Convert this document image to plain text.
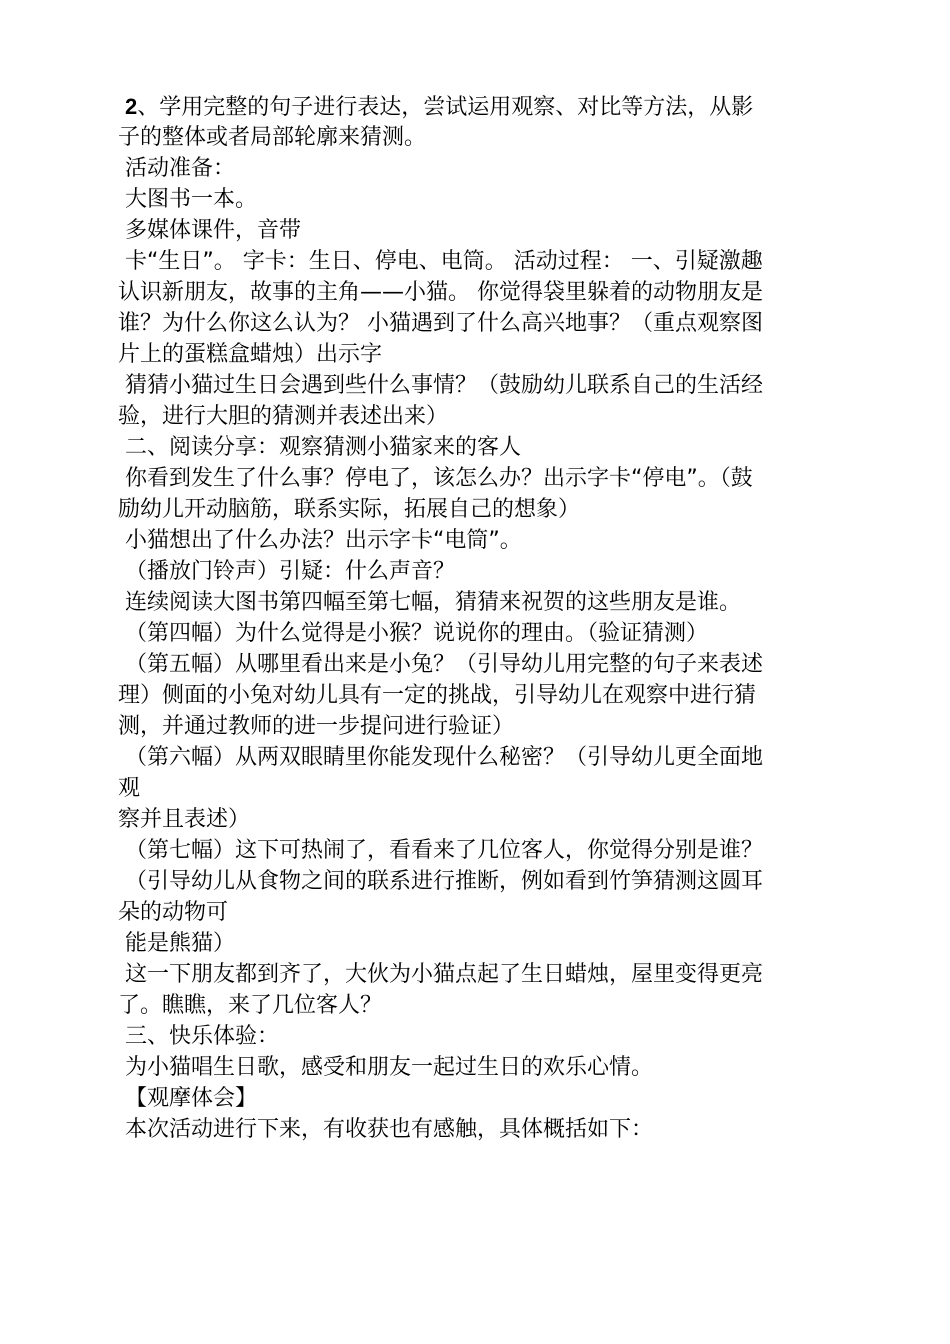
2、学用完整的句子进行表达，尝试运用观察、对比等方法，从影
子的整体或者局部轮廓来猜测。
活动准备：
大图书一本。
多媒体课件，音带
卡“生日”。 字卡：生日、停电、电筒。 活动过程： 一、引疑激趣
认识新朋友，故事的主角——小猫。 你觉得袋里躲着的动物朋友是
谁？为什么你这么认为？ 小猫遇到了什么高兴地事？（重点观察图
片上的蛋糕盒蜡烛）出示字
猜猜小猫过生日会遇到些什么事情？（鼓励幼儿联系自己的生活经
验，进行大胆的猜测并表述出来）
二、阅读分享：观察猜测小猫家来的客人
你看到发生了什么事？停电了，该怎么办？出示字卡“停电”。（鼓
励幼儿开动脑筋，联系实际，拓展自己的想象）
小猫想出了什么办法？出示字卡“电筒”。
（播放门铃声）引疑：什么声音？
连续阅读大图书第四幅至第七幅，猜猜来祝贺的这些朋友是谁。
（第四幅）为什么觉得是小猴？说说你的理由。（验证猜测）
（第五幅）从哪里看出来是小兔？（引导幼儿用完整的句子来表述
理）侧面的小兔对幼儿具有一定的挑战，引导幼儿在观察中进行猜
测，并通过教师的进一步提问进行验证）
（第六幅）从两双眼睛里你能发现什么秘密？（引导幼儿更全面地
观
察并且表述）
（第七幅）这下可热闹了，看看来了几位客人，你觉得分别是谁？
（引导幼儿从食物之间的联系进行推断，例如看到竹笋猜测这圆耳
朵的动物可
能是熊猫）
这一下朋友都到齐了，大伙为小猫点起了生日蜡烛，屋里变得更亮
了。瞧瞧，来了几位客人？
三、快乐体验：
为小猫唱生日歌，感受和朋友一起过生日的欢乐心情。
【观摩体会】
本次活动进行下来，有收获也有感触，具体概括如下：
